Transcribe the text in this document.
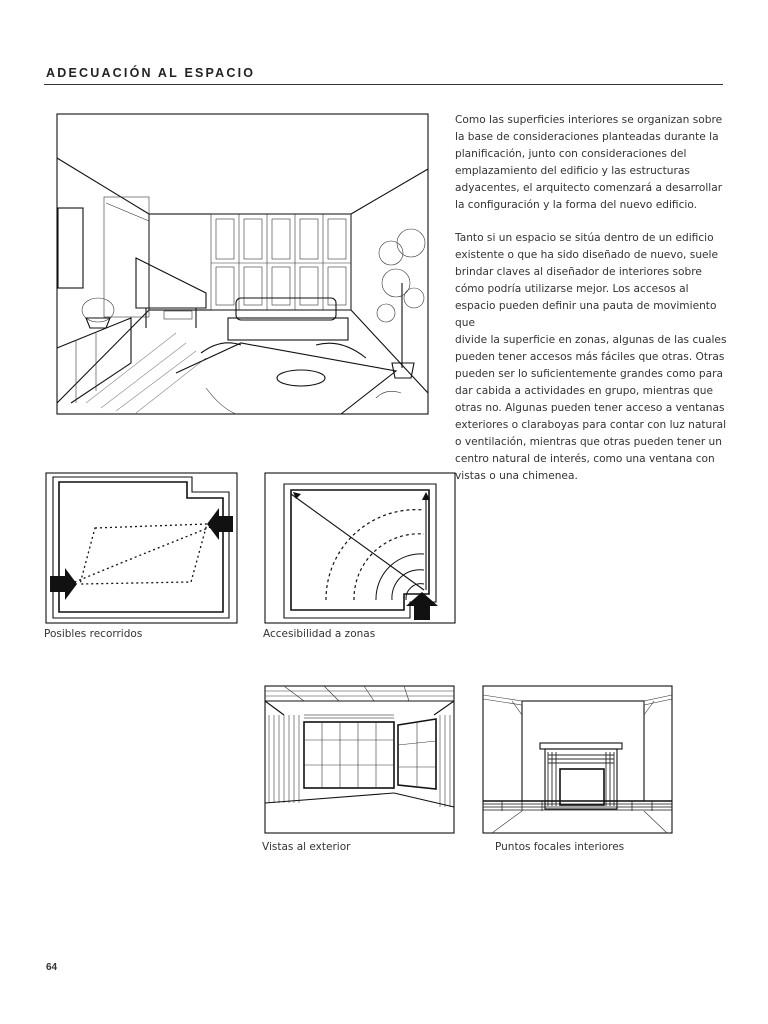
ADECUACIÓN AL ESPACIO

Como las superficies interiores se organizan sobre
la base de consideraciones planteadas durante la
planificación, junto con consideraciones del
emplazamiento del edificio y las estructuras
adyacentes, el arquitecto comenzará a desarrollar
la configuración y la forma del nuevo edificio.

Tanto si un espacio se sitúa dentro de un edificio
existente o que ha sido diseñado de nuevo, suele
brindar claves al diseñador de interiores sobre
cómo podría utilizarse mejor. Los accesos al
espacio pueden definir una pauta de movimiento que
divide la superficie en zonas, algunas de las cuales
pueden tener accesos más fáciles que otras. Otras
pueden ser lo suficientemente grandes como para
dar cabida a actividades en grupo, mientras que
otras no. Algunas pueden tener acceso a ventanas
exteriores o claraboyas para contar con luz natural
o ventilación, mientras que otras pueden tener un
centro natural de interés, como una ventana con
vistas o una chimenea.

Posibles recorridos	Accesibilidad a zonas
Vistas al exterior	Puntos focales interiores
64
